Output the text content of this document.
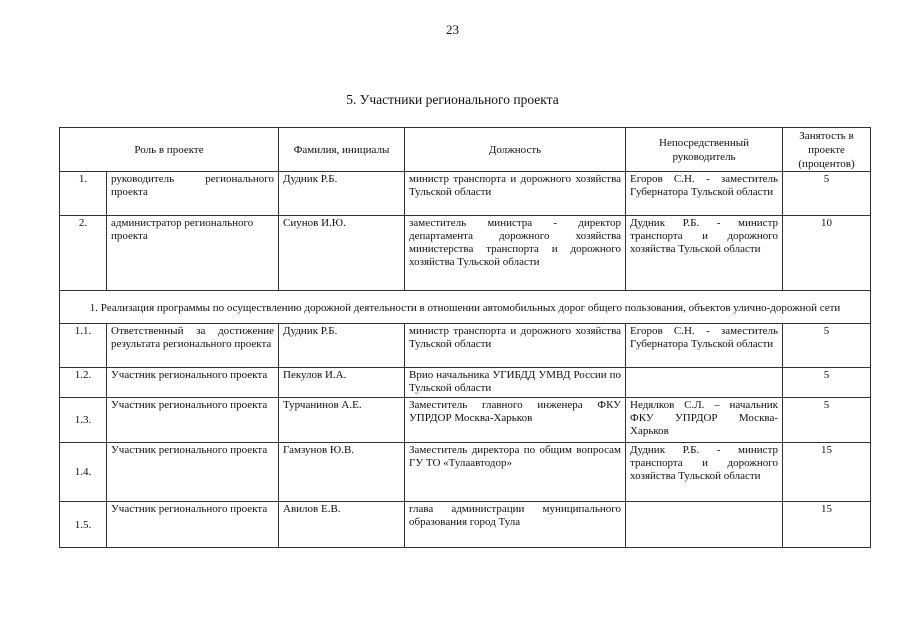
23
5. Участники регионального проекта
Роль в проекте		Фамилия, инициалы	Должность	Непосредственный руководитель	Занятость в проекте (процентов)
1.	руководитель регионального проекта	Дудник Р.Б.	министр транспорта и дорожного хозяйства Тульской области	Егоров С.Н. - заместитель Губернатора Тульской области	5
2.	администратор регионального проекта	Сиунов И.Ю.	заместитель министра - директор департамента дорожного хозяйства министерства транспорта и дорожного хозяйства Тульской области	Дудник Р.Б. - министр транспорта и дорожного хозяйства Тульской области	10
1. Реализация программы по осуществлению дорожной деятельности в отношении автомобильных дорог общего пользования, объектов улично-дорожной сети					
1.1.	Ответственный за достижение результата регионального проекта	Дудник Р.Б.	министр транспорта и дорожного хозяйства Тульской области	Егоров С.Н. - заместитель Губернатора Тульской области	5
1.2.	Участник регионального проекта	Пекулов И.А.	Врио начальника УГИБДД УМВД России по Тульской области		5
1.3.	Участник регионального проекта	Турчанинов А.Е.	Заместитель главного инженера ФКУ УПРДОР Москва-Харьков	Недялков С.Л. – начальник ФКУ УПРДОР Москва-Харьков	5
1.4.	Участник регионального проекта	Гамзунов Ю.В.	Заместитель директора по общим вопросам ГУ ТО «Тулаавтодор»	Дудник Р.Б. - министр транспорта и дорожного хозяйства Тульской области	15
1.5.	Участник регионального проекта	Авилов Е.В.	глава администрации муниципального образования город Тула		15
